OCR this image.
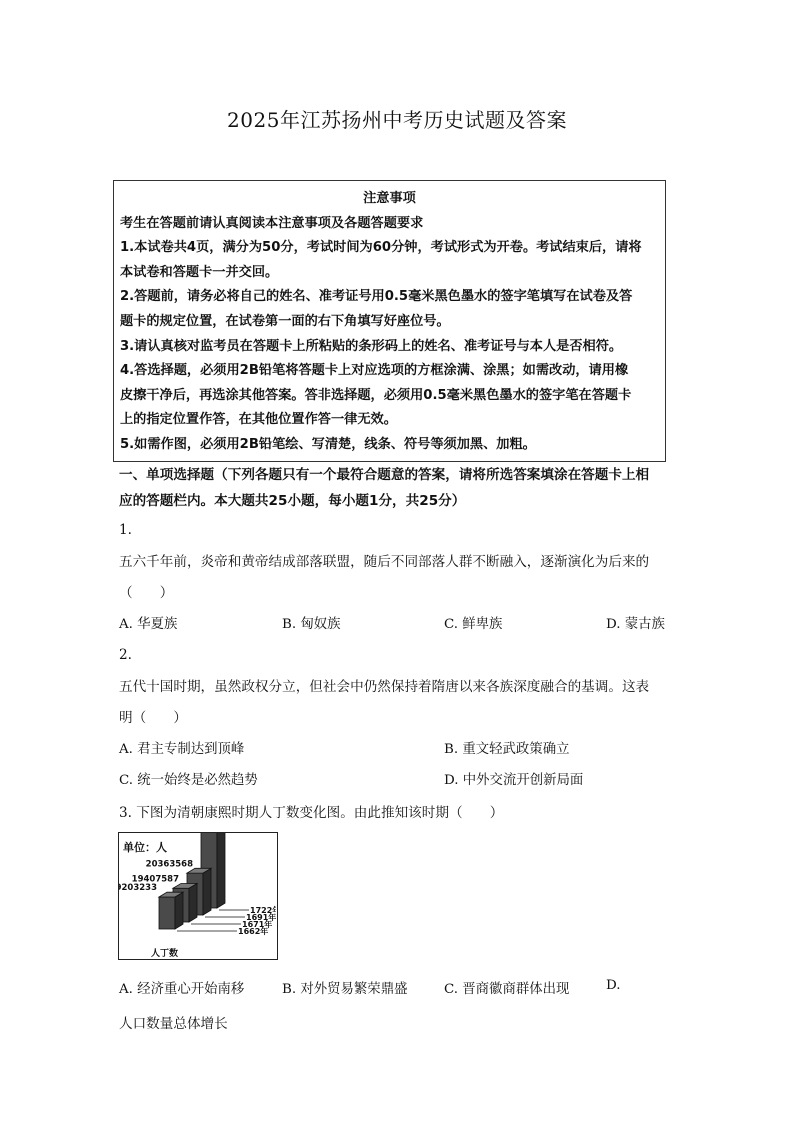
2025年江苏扬州中考历史试题及答案
注意事项
考生在答题前请认真阅读本注意事项及各题答题要求
1.本试卷共4页，满分为50分，考试时间为60分钟，考试形式为开卷。考试结束后，请将
本试卷和答题卡一并交回。
2.答题前，请务必将自己的姓名、准考证号用0.5毫米黑色墨水的签字笔填写在试卷及答
题卡的规定位置，在试卷第一面的右下角填写好座位号。
3.请认真核对监考员在答题卡上所粘贴的条形码上的姓名、准考证号与本人是否相符。
4.答选择题，必须用2B铅笔将答题卡上对应选项的方框涂满、涂黑；如需改动，请用橡
皮擦干净后，再选涂其他答案。答非选择题，必须用0.5毫米黑色墨水的签字笔在答题卡
上的指定位置作答，在其他位置作答一律无效。
5.如需作图，必须用2B铅笔绘、写清楚，线条、符号等须加黑、加粗。
一、单项选择题（下列各题只有一个最符合题意的答案，请将所选答案填涂在答题卡上相
应的答题栏内。本大题共25小题，每小题1分，共25分）
1.
五六千年前，炎帝和黄帝结成部落联盟，随后不同部落人群不断融入，逐渐演化为后来的
（　　）
A. 华夏族	B. 匈奴族	C. 鲜卑族	D. 蒙古族
2.
五代十国时期，虽然政权分立，但社会中仍然保持着隋唐以来各族深度融合的基调。这表
明（　　）
A. 君主专制达到顶峰	B. 重文轻武政策确立
C. 统一始终是必然趋势	D. 中外交流开创新局面
3. 下图为清朝康熙时期人丁数变化图。由此推知该时期（　　）
单位：人
人丁数
1722
20363568
1691年
19407587
1671年
203233
1662年
A. 经济重心开始南移	B. 对外贸易繁荣鼎盛	C. 晋商徽商群体出现	D.
人口数量总体增长
